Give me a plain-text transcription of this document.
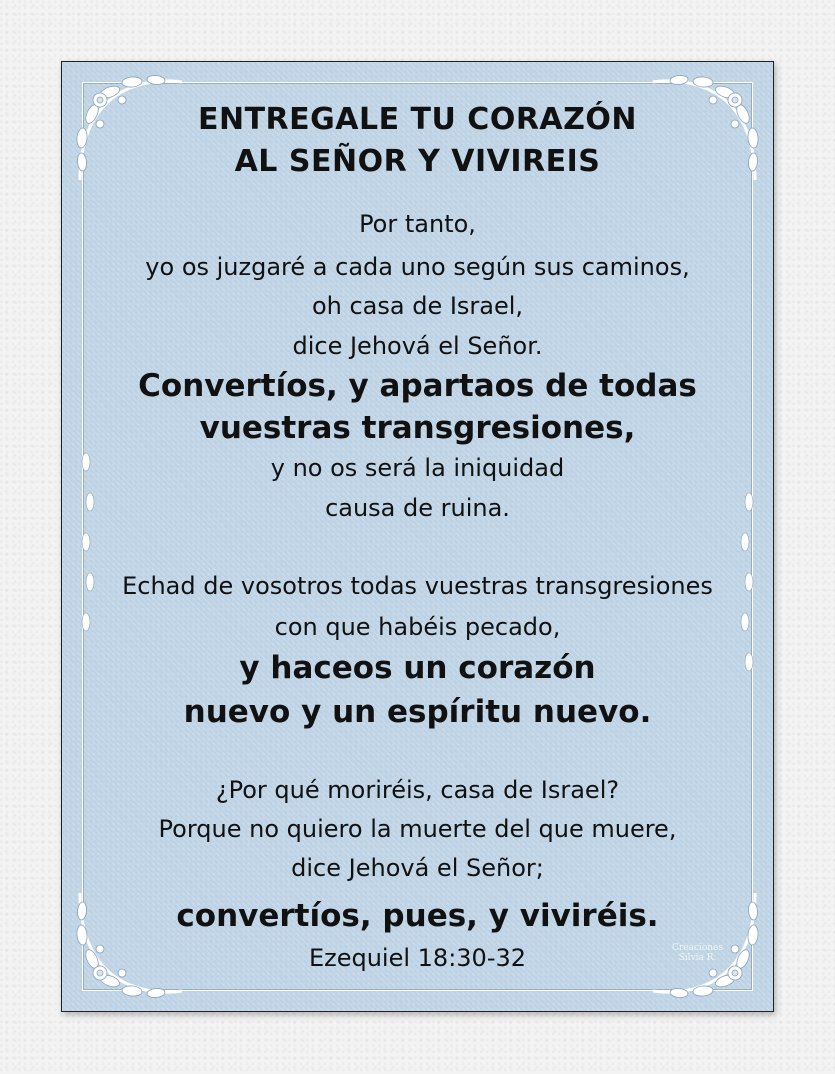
ENTREGALE TU CORAZÓN
AL SEÑOR Y VIVIREIS
Por tanto,
yo os juzgaré a cada uno según sus caminos,
oh casa de Israel,
dice Jehová el Señor.
Convertíos, y apartaos de todas
vuestras transgresiones,
y no os será la iniquidad
causa de ruina.
Echad de vosotros todas vuestras transgresiones
con que habéis pecado,
y haceos un corazón
nuevo y un espíritu nuevo.
¿Por qué moriréis, casa de Israel?
Porque no quiero la muerte del que muere,
dice Jehová el Señor;
convertíos, pues, y viviréis.
Ezequiel 18:30-32	Creaciones
Silvia R.
